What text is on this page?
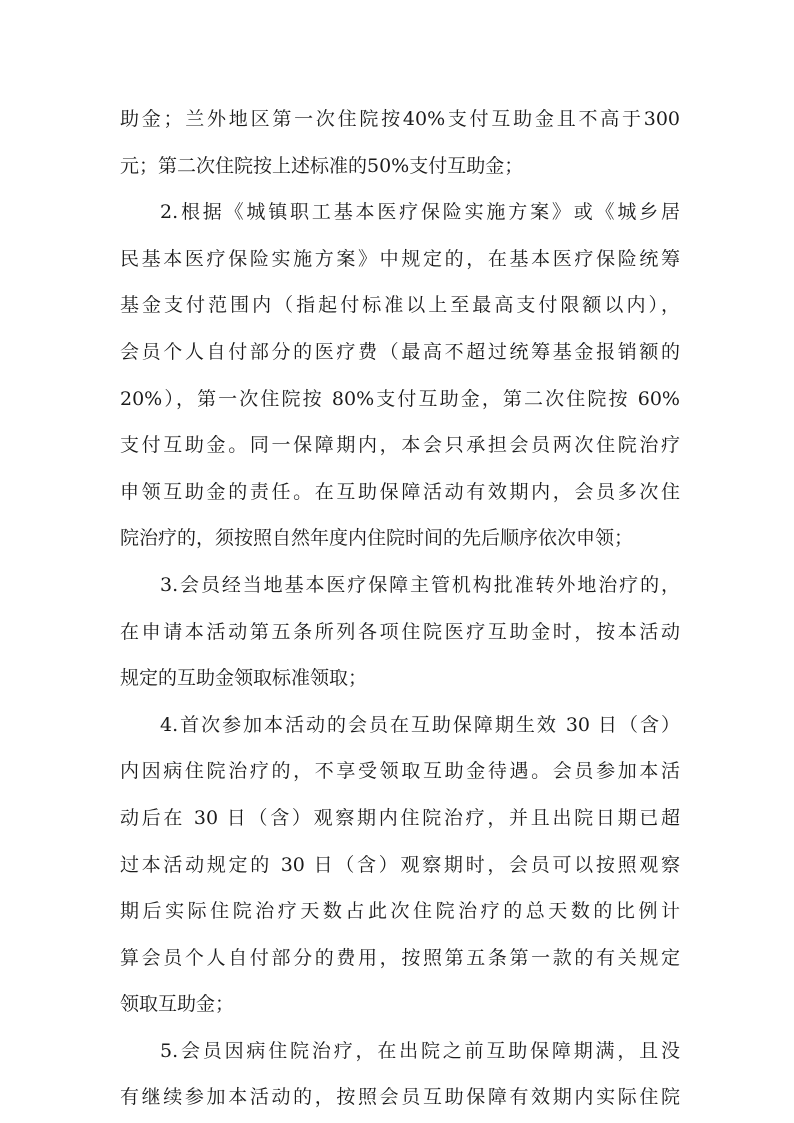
助金；兰外地区第一次住院按40%支付互助金且不高于300
元；第二次住院按上述标准的50%支付互助金；
2.根据《城镇职工基本医疗保险实施方案》或《城乡居
民基本医疗保险实施方案》中规定的，在基本医疗保险统筹
基金支付范围内（指起付标准以上至最高支付限额以内），
会员个人自付部分的医疗费（最高不超过统筹基金报销额的
20%），第一次住院按 80%支付互助金，第二次住院按 60%
支付互助金。同一保障期内，本会只承担会员两次住院治疗
申领互助金的责任。在互助保障活动有效期内，会员多次住
院治疗的，须按照自然年度内住院时间的先后顺序依次申领；
3.会员经当地基本医疗保障主管机构批准转外地治疗的，
在申请本活动第五条所列各项住院医疗互助金时，按本活动
规定的互助金领取标准领取；
4.首次参加本活动的会员在互助保障期生效 30 日（含）
内因病住院治疗的，不享受领取互助金待遇。会员参加本活
动后在 30 日（含）观察期内住院治疗，并且出院日期已超
过本活动规定的 30 日（含）观察期时，会员可以按照观察
期后实际住院治疗天数占此次住院治疗的总天数的比例计
算会员个人自付部分的费用，按照第五条第一款的有关规定
领取互助金；
5.会员因病住院治疗，在出院之前互助保障期满，且没
有继续参加本活动的，按照会员互助保障有效期内实际住院
